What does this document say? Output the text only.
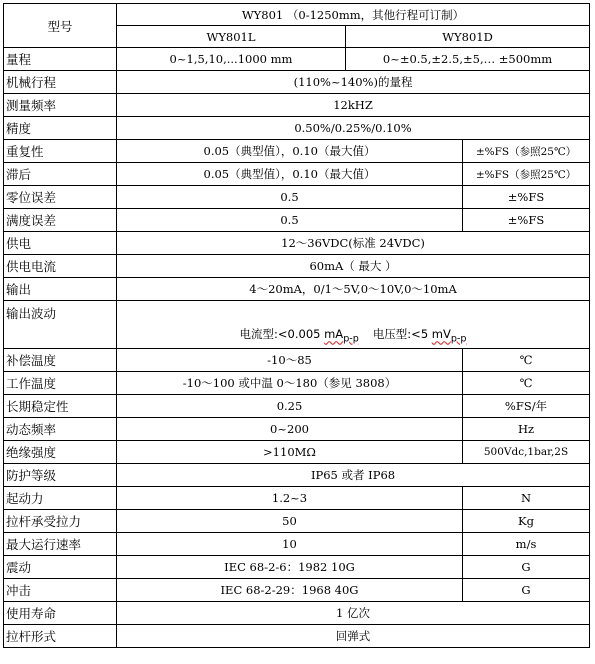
型号	WY801 （0-1250mm，其他行程可订制）		
	WY801L	WY801D	
量程	0~1,5,10,...1000 mm	0~±0.5,±2.5,±5,… ±500mm	
机械行程	(110%~140%)的量程		
测量频率	12kHZ		
精度	0.50%/0.25%/0.10%		
重复性	0.05（典型值），0.10（最大值）		±%FS（参照25℃）
滞后	0.05（典型值），0.10（最大值）		±%FS（参照25℃）
零位误差	0.5		±%FS
满度误差	0.5		±%FS
供电	12～36VDC(标准 24VDC)		
供电电流	60mA（ 最大 ）		
输出	4～20mA，0/1～5V,0～10V,0～10mA		
输出波动	电流型:<0.005 $mA_{p-p}$ 电压型:<5 $mV_{p-p}$

补偿温度	-10～85		℃
工作温度	-10～100 或中温 0～180（参见 3808）		℃
长期稳定性	0.25		%FS/年
动态频率	0~200		Hz
绝缘强度	>110MΩ		500Vdc,1bar,2S
防护等级	IP65 或者 IP68		
起动力	1.2~3		N
拉杆承受拉力	50		Kg
最大运行速率	10		m/s
震动	IEC 68-2-6：1982 10G		G
冲击	IEC 68-2-29：1968 40G		G
使用寿命	1 亿次		
拉杆形式	回弹式		
